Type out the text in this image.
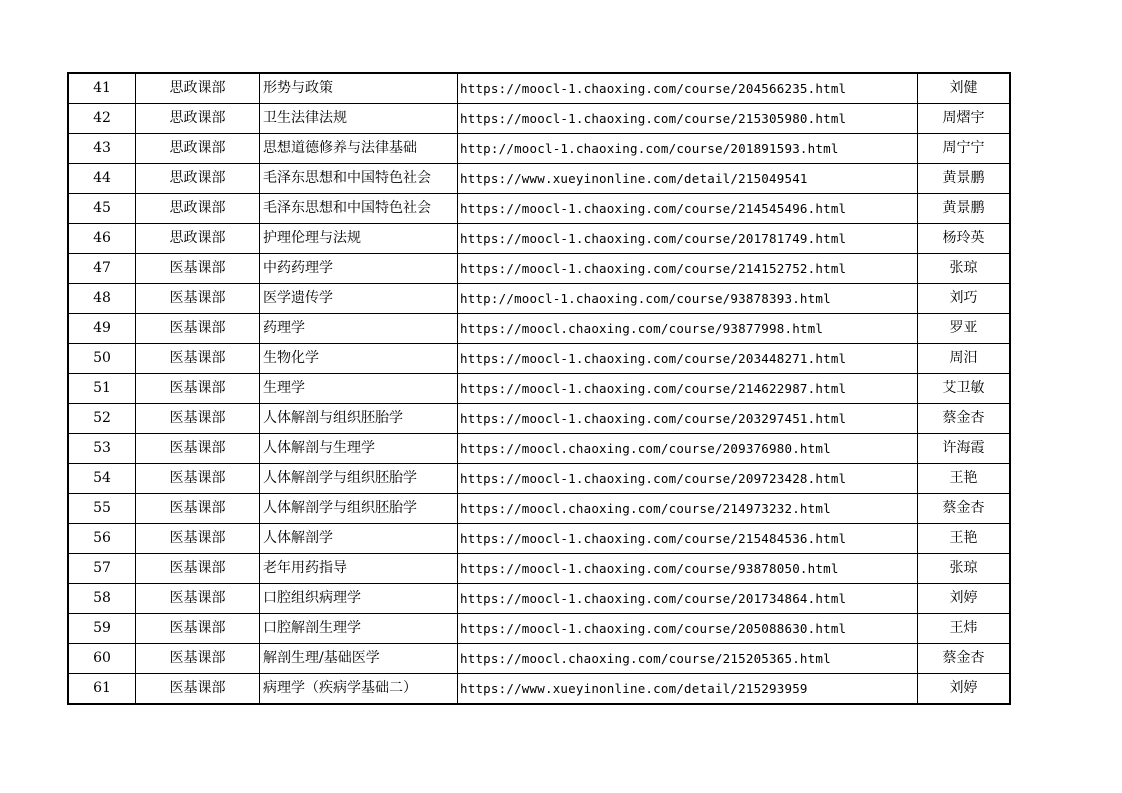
41	思政课部	形势与政策	https://moocl-1.chaoxing.com/course/204566235.html	刘健
42	思政课部	卫生法律法规	https://moocl-1.chaoxing.com/course/215305980.html	周熠宇
43	思政课部	思想道德修养与法律基础	http://moocl-1.chaoxing.com/course/201891593.html	周宁宁
44	思政课部	毛泽东思想和中国特色社会	https://www.xueyinonline.com/detail/215049541	黄景鹏
45	思政课部	毛泽东思想和中国特色社会	https://moocl-1.chaoxing.com/course/214545496.html	黄景鹏
46	思政课部	护理伦理与法规	https://moocl-1.chaoxing.com/course/201781749.html	杨玲英
47	医基课部	中药药理学	https://moocl-1.chaoxing.com/course/214152752.html	张琼
48	医基课部	医学遗传学	http://moocl-1.chaoxing.com/course/93878393.html	刘巧
49	医基课部	药理学	https://moocl.chaoxing.com/course/93877998.html	罗亚
50	医基课部	生物化学	https://moocl-1.chaoxing.com/course/203448271.html	周汨
51	医基课部	生理学	https://moocl-1.chaoxing.com/course/214622987.html	艾卫敏
52	医基课部	人体解剖与组织胚胎学	https://moocl-1.chaoxing.com/course/203297451.html	蔡金杏
53	医基课部	人体解剖与生理学	https://moocl.chaoxing.com/course/209376980.html	许海霞
54	医基课部	人体解剖学与组织胚胎学	https://moocl-1.chaoxing.com/course/209723428.html	王艳
55	医基课部	人体解剖学与组织胚胎学	https://moocl.chaoxing.com/course/214973232.html	蔡金杏
56	医基课部	人体解剖学	https://moocl-1.chaoxing.com/course/215484536.html	王艳
57	医基课部	老年用药指导	https://moocl-1.chaoxing.com/course/93878050.html	张琼
58	医基课部	口腔组织病理学	https://moocl-1.chaoxing.com/course/201734864.html	刘婷
59	医基课部	口腔解剖生理学	https://moocl-1.chaoxing.com/course/205088630.html	王炜
60	医基课部	解剖生理/基础医学	https://moocl.chaoxing.com/course/215205365.html	蔡金杏
61	医基课部	病理学（疾病学基础二）	https://www.xueyinonline.com/detail/215293959	刘婷
